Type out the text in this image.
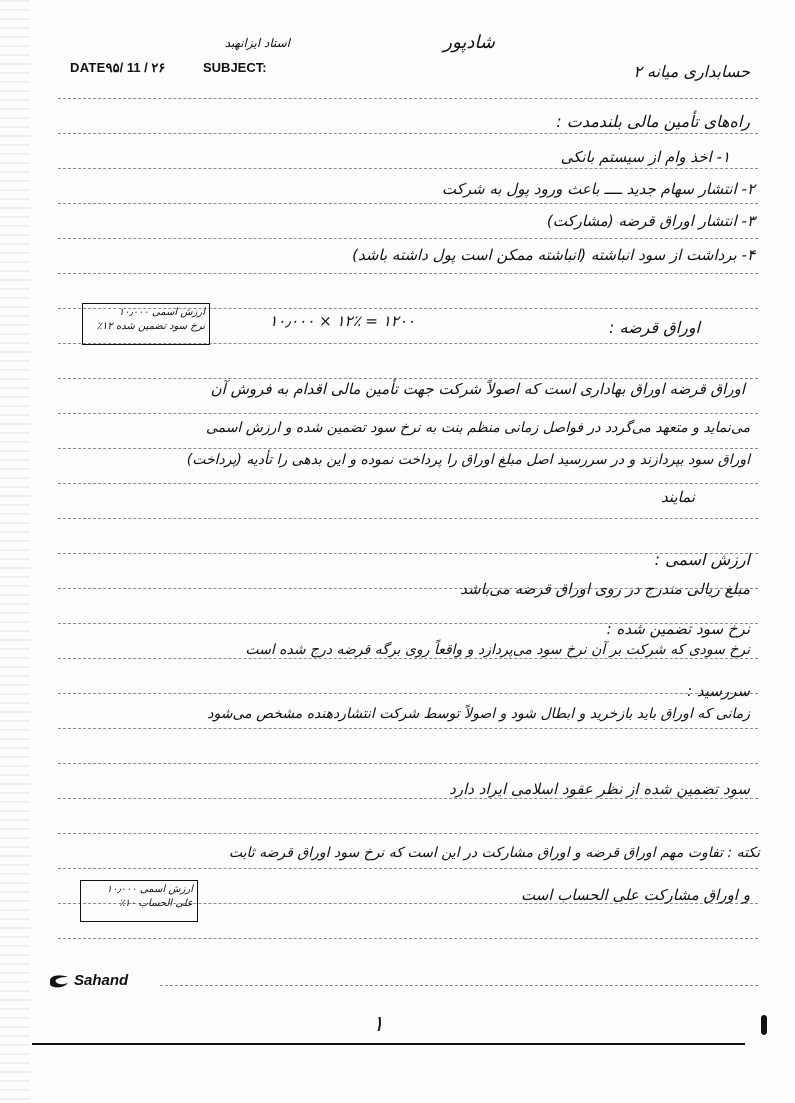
DATE۹۵/ 11 / ۲۶	SUBJECT:
استاد ایزانهبد	شادپور
حسابداری میانه ۲
راه‌های تأمین مالی بلندمدت :
۱- اخذ وام از سیستم بانکی
۲- انتشار سهام جدید ــــ باعث ورود پول به شرکت
۳- انتشار اوراق قرضه (مشارکت)
۴- برداشت از سود انباشته (انباشته ممکن است پول داشته باشد)
ارزش اسمی ۱۰٫۰۰۰
نرخ سود تضمین شده ۱۲٪	۱۲۰۰ = ۱۲٪ × ۱۰٫۰۰۰	اوراق قرضه :
اوراق قرضه اوراق بهاداری است که اصولاً شرکت جهت تأمین مالی اقدام به فروش آن
می‌نماید و متعهد می‌گردد در فواصل زمانی منظم بنت به نرخ سود تضمین شده و ارزش اسمی
اوراق سود بپردازند و در سررسید اصل مبلغ اوراق را پرداخت نموده و این بدهی را تأدیه (پرداخت)
نمایند
ارزش اسمی :
مبلغ ریالی مندرج در روی اوراق قرضه می‌باشد
نرخ سود تضمین شده :
نرخ سودی که شرکت بر آن نرخ سود می‌پردازد و واقعاً روی برگه قرضه درج شده است
سررسید :
زمانی که اوراق باید بازخرید و ابطال شود و اصولاً توسط شرکت انتشاردهنده مشخص می‌شود
سود تضمین شده از نظر عقود اسلامی ایراد دارد
نکته : تفاوت مهم اوراق قرضه و اوراق مشارکت در این است که نرخ سود اوراق قرضه ثابت
و اوراق مشارکت علی الحساب است
ارزش اسمی ۱۰٫۰۰۰
علی الحساب ۱۰٪
Sahand
۱
